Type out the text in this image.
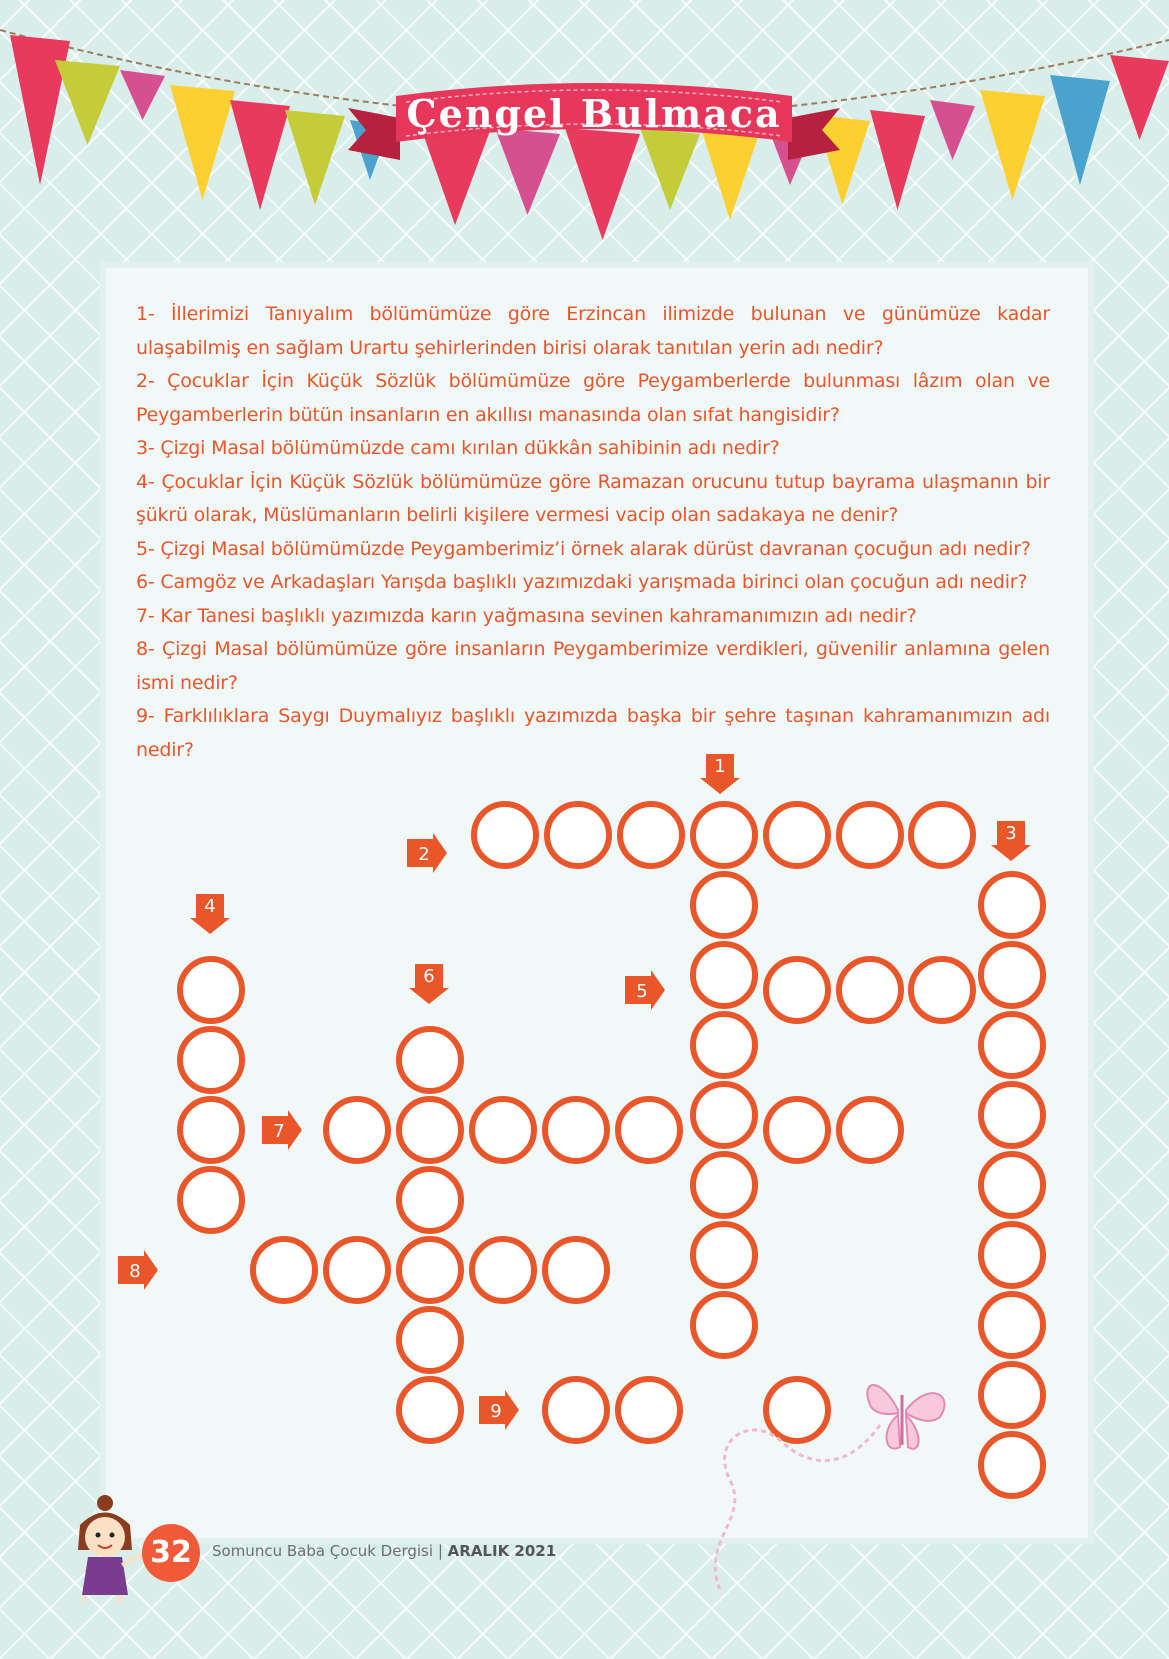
Çengel Bulmaca

1- İllerimizi Tanıyalım bölümümüze göre Erzincan ilimizde bulunan ve günümüze kadar ulaşabilmiş en sağlam Urartu şehirlerinden birisi olarak tanıtılan yerin adı nedir?

2- Çocuklar İçin Küçük Sözlük bölümümüze göre Peygamberlerde bulunması lâzım olan ve Peygamberlerin bütün insanların en akıllısı manasında olan sıfat hangisidir?

3- Çizgi Masal bölümümüzde camı kırılan dükkân sahibinin adı nedir?

4- Çocuklar İçin Küçük Sözlük bölümümüze göre Ramazan orucunu tutup bayrama ulaşmanın bir şükrü olarak, Müslümanların belirli kişilere vermesi vacip olan sadakaya ne denir?

5- Çizgi Masal bölümümüzde Peygamberimiz’i örnek alarak dürüst davranan çocuğun adı nedir?

6- Camgöz ve Arkadaşları Yarışda başlıklı yazımızdaki yarışmada birinci olan çocuğun adı nedir?

7- Kar Tanesi başlıklı yazımızda karın yağmasına sevinen kahramanımızın adı nedir?

8- Çizgi Masal bölümümüze göre insanların Peygamberimize verdikleri, güvenilir anlamına gelen ismi nedir?

9- Farklılıklara Saygı Duymalıyız başlıklı yazımızda başka bir şehre taşınan kahramanımızın adı nedir?

1
2
3
4
5
6
7
8
9
32	Somuncu Baba Çocuk Dergisi | ARALIK 2021
